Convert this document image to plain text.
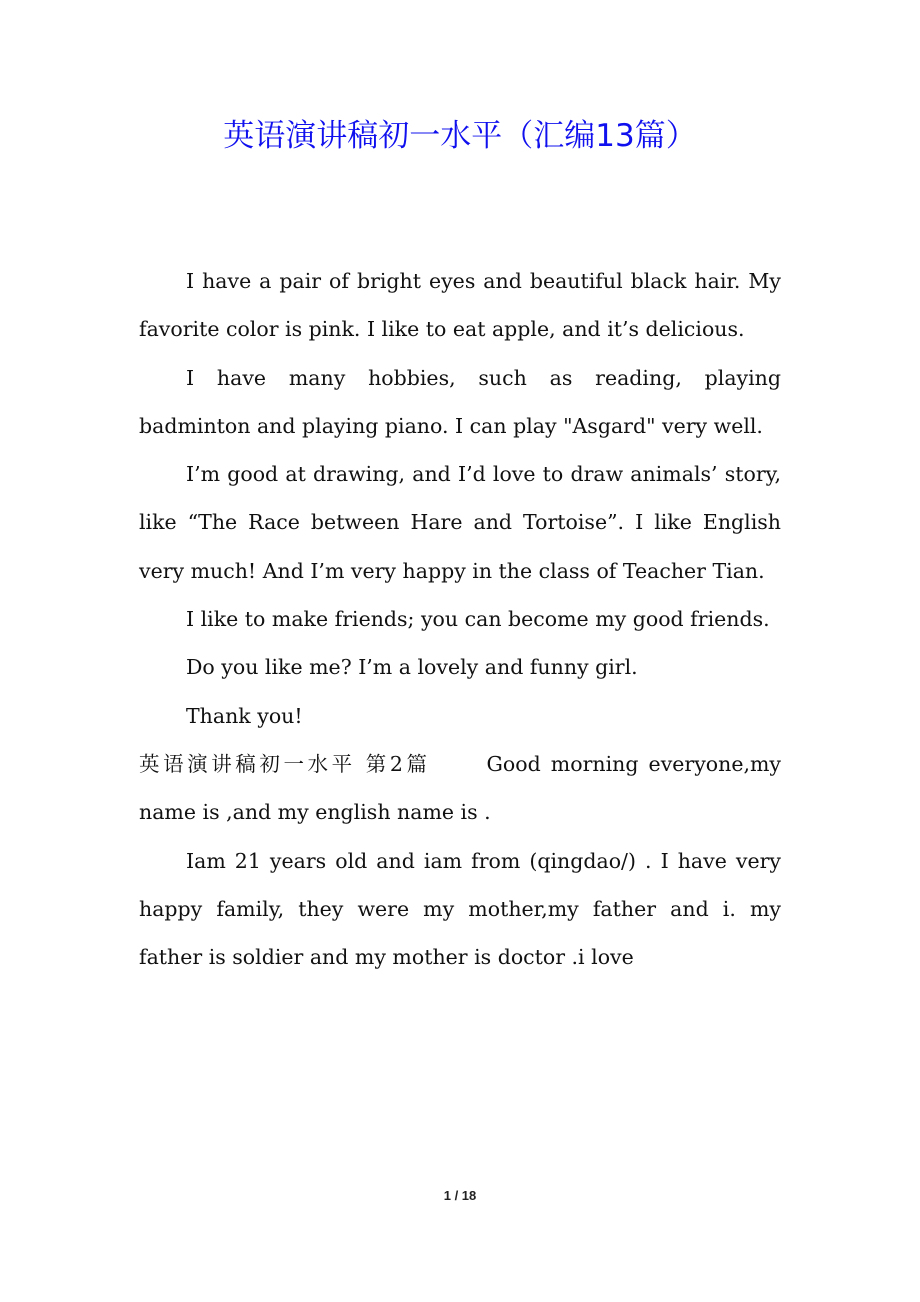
英语演讲稿初一水平（汇编13篇）

I have a pair of bright eyes and beautiful black hair. My favorite color is pink. I like to eat apple, and it’s delicious.

I have many hobbies, such as reading, playing badminton and playing piano. I can play "Asgard" very well.

I’m good at drawing, and I’d love to draw animals’ story, like “The Race between Hare and Tortoise”. I like English very much! And I’m very happy in the class of Teacher Tian.

I like to make friends; you can become my good friends.

Do you like me? I’m a lovely and funny girl.

Thank you!

英语演讲稿初一水平 第2篇	Good morning everyone,my name is ,and my english name is .

Iam 21 years old and iam from (qingdao/) . I have very happy family, they were my mother,my father and i. my father is soldier and my mother is doctor .i love

1 / 18
